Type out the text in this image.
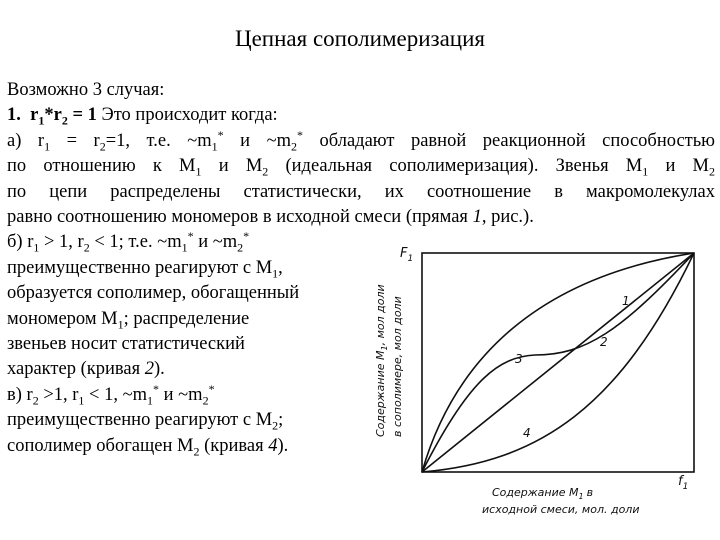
Цепная сополимеризация
Возможно 3 случая:
1. $r_1*r_2 = 1$ Это происходит когда:
а) $r_1 = r_2=1$, т.е. $\sim m_1^*$ и $\sim m_2^*$ обладают равной реакционной способностью
по отношению к $М_1$ и $М_2$ (идеальная сополимеризация). Звенья $М_1$ и $М_2$
по цепи распределены статистически, их соотношение в макромолекулах
равно соотношению мономеров в исходной смеси (прямая 1, рис.).
б) $r_1 > 1$, $r_2 < 1$; т.е. $\sim m_1^*$ и $\sim m_2^*$
преимущественно реагируют с $М_1$,
образуется сополимер, обогащенный
мономером $М_1$; распределение
звеньев носит статистический
характер (кривая 2).
в) $r_2 >1$, $r_1 < 1$, $\sim m_1^*$ и $\sim m_2^*$
преимущественно реагируют с $М_2$;
сополимер обогащен $М_2$ (кривая 4).
$F_1$
$f_1$
1
2
3
4
Содержание $M_1$, мол доли в сополимере, мол доли
Содержание $M_1$ в
исходной смеси, мол. доли
